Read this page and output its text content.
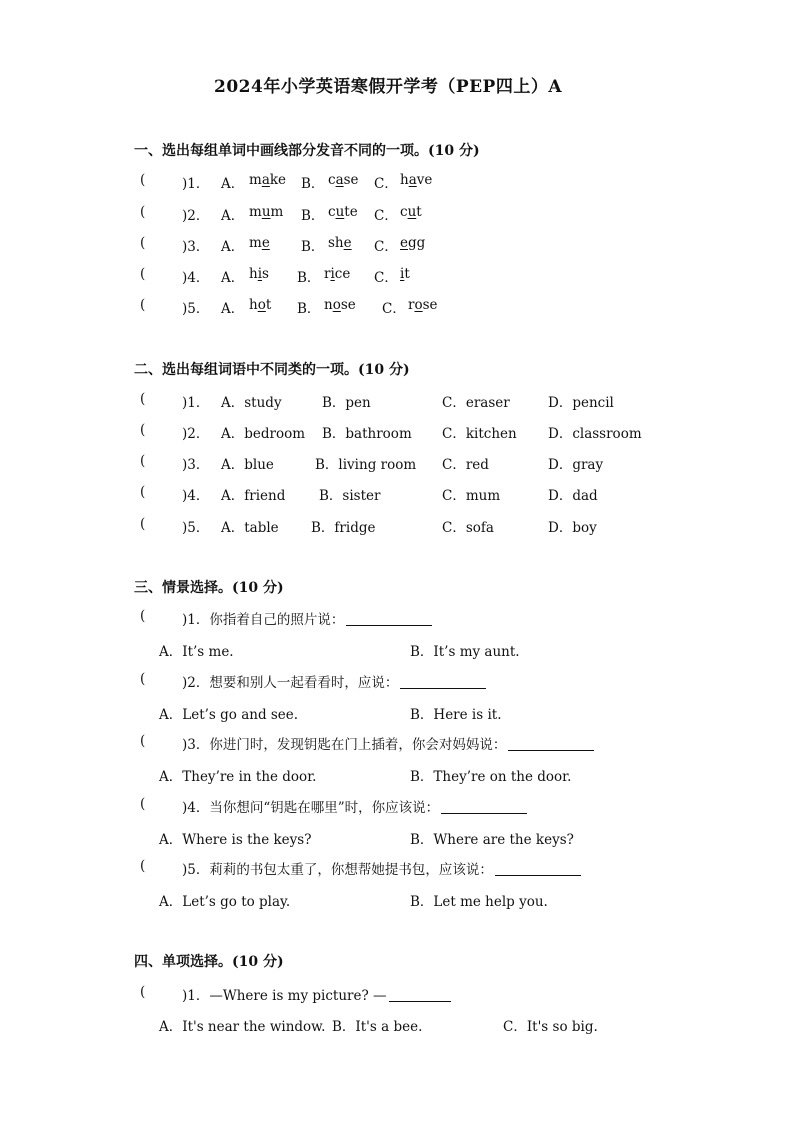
2024年小学英语寒假开学考（PEP四上）A
一、选出每组单词中画线部分发音不同的一项。(10 分)
(	)1． A． make B． case C． have
(	)2． A． mum B． cute C． cut
(	)3． A． me B． she C． egg
(	)4． A． his B． rice C． it
(	)5． A． hot B． nose C． rose
二、选出每组词语中不同类的一项。(10 分)
(	)1． A．study	B．pen	C．eraser	D．pencil
(	)2． A．bedroom B．bathroom C．kitchen D．classroom
(	)3． A．blue	B．living room C．red	D．gray
(	)4． A．friend B．sister	C．mum	D．dad
(	)5． A．table B．fridge	C．sofa	D．boy
三、情景选择。(10 分)
(	)1．你指着自己的照片说：
A．It’s me.	B．It’s my aunt.
(	)2．想要和别人一起看看时，应说：
A．Let’s go and see.	B．Here is it.
(	)3．你进门时，发现钥匙在门上插着，你会对妈妈说：
A．They’re in the door.	B．They’re on the door.
(	)4．当你想问“钥匙在哪里”时，你应该说：
A．Where is the keys?	B．Where are the keys?
(	)5．莉莉的书包太重了，你想帮她提书包，应该说：
A．Let’s go to play.	B．Let me help you.
四、单项选择。(10 分)
(	)1．—Where is my picture? —
A．It's near the window. B．It's a bee.	C．It's so big.
